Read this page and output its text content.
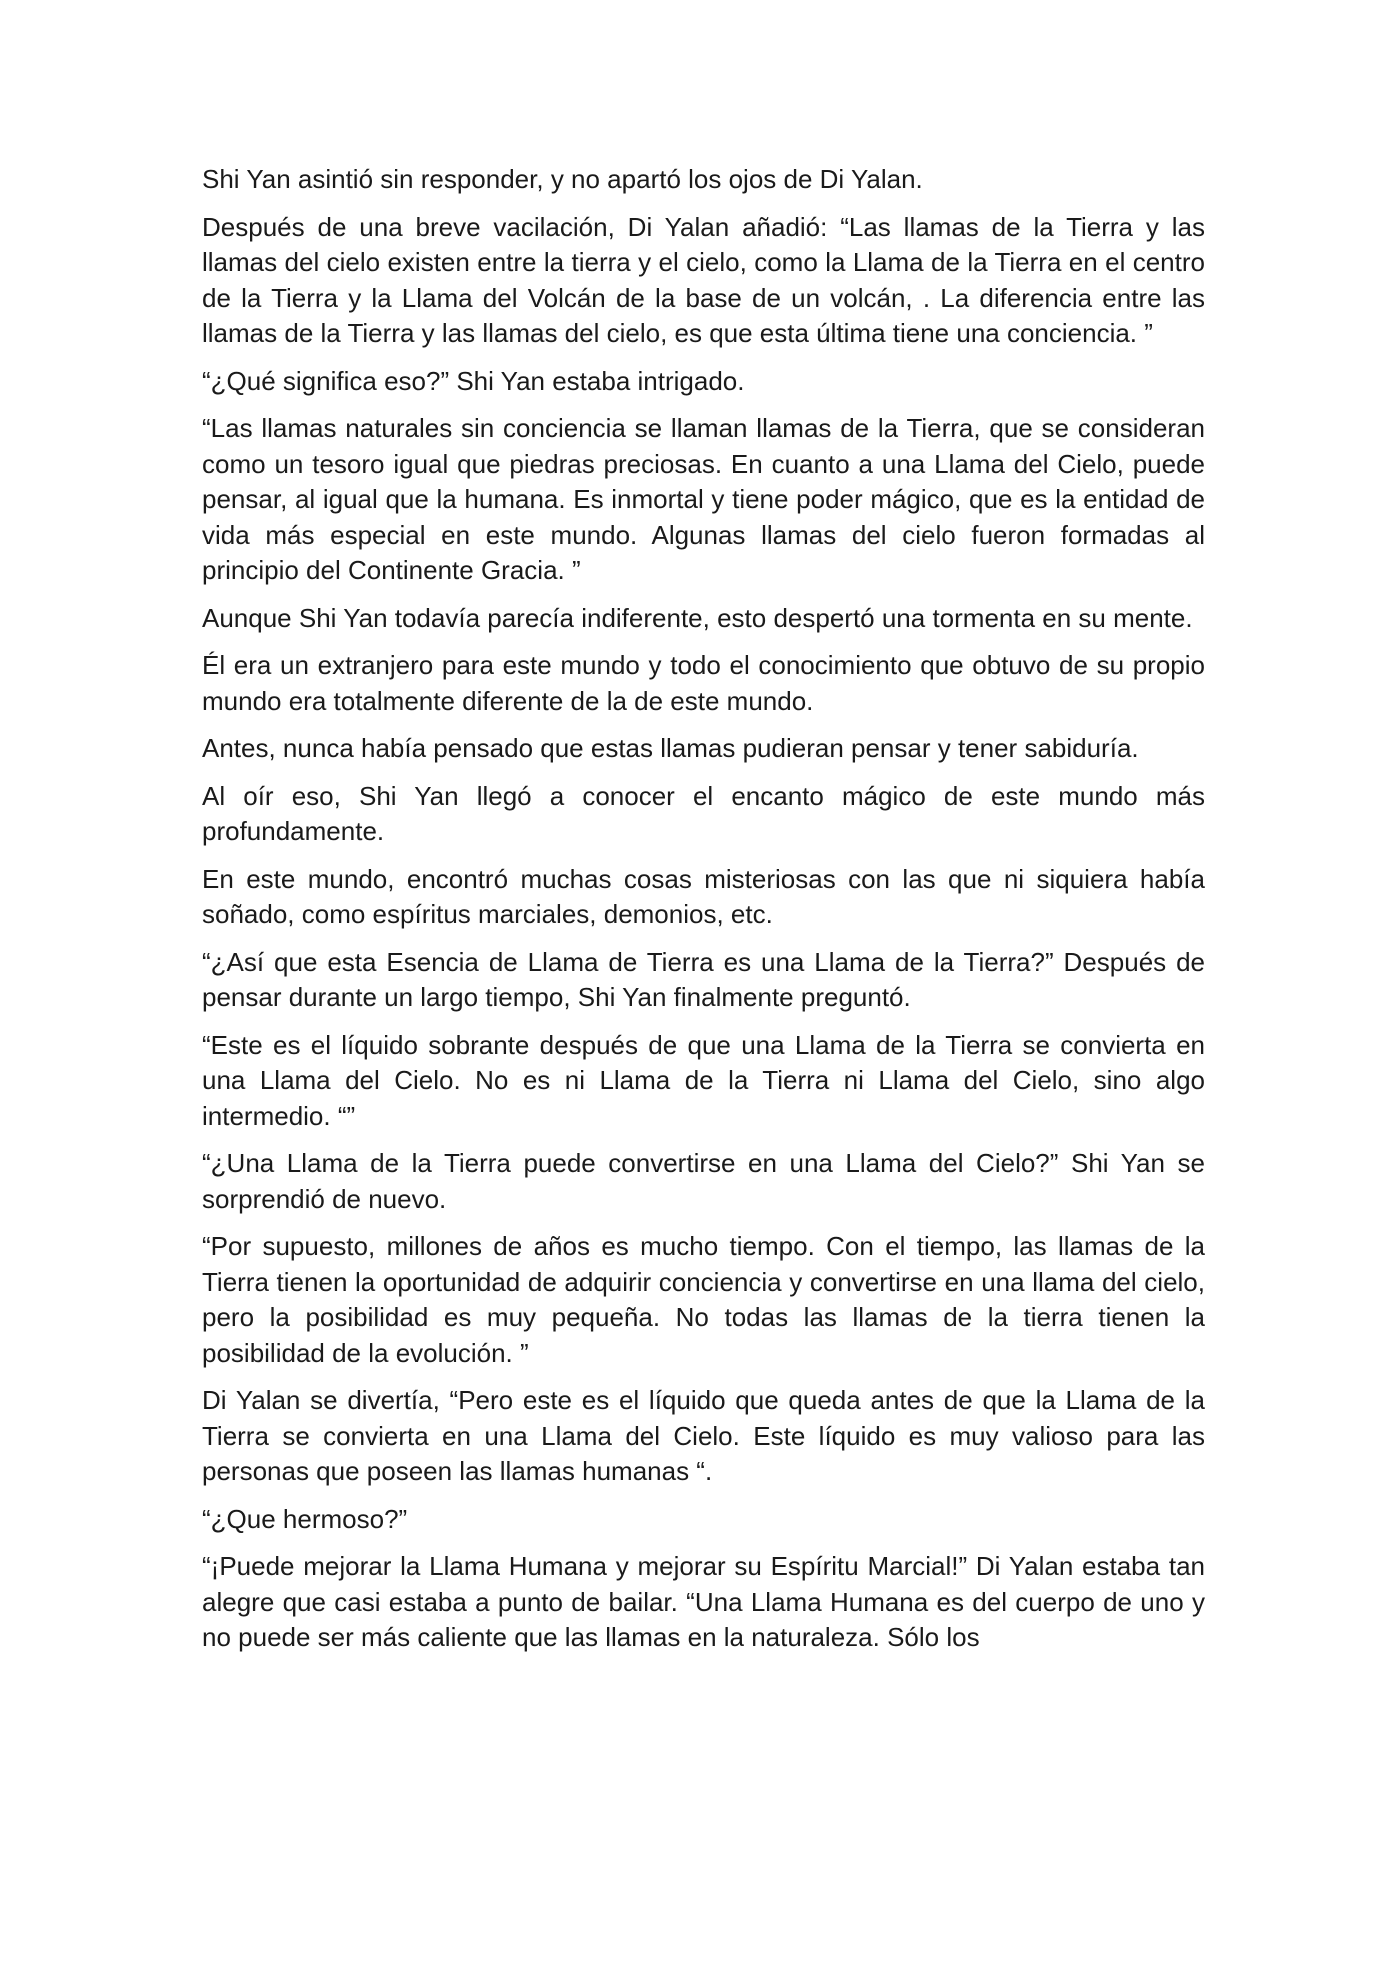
Shi Yan asintió sin responder, y no apartó los ojos de Di Yalan.

Después de una breve vacilación, Di Yalan añadió: “Las llamas de la Tierra y las llamas del cielo existen entre la tierra y el cielo, como la Llama de la Tierra en el centro de la Tierra y la Llama del Volcán de la base de un volcán, . La diferencia entre las llamas de la Tierra y las llamas del cielo, es que esta última tiene una conciencia. ”

“¿Qué significa eso?” Shi Yan estaba intrigado.

“Las llamas naturales sin conciencia se llaman llamas de la Tierra, que se consideran como un tesoro igual que piedras preciosas. En cuanto a una Llama del Cielo, puede pensar, al igual que la humana. Es inmortal y tiene poder mágico, que es la entidad de vida más especial en este mundo. Algunas llamas del cielo fueron formadas al principio del Continente Gracia. ”

Aunque Shi Yan todavía parecía indiferente, esto despertó una tormenta en su mente.

Él era un extranjero para este mundo y todo el conocimiento que obtuvo de su propio mundo era totalmente diferente de la de este mundo.

Antes, nunca había pensado que estas llamas pudieran pensar y tener sabiduría.

Al oír eso, Shi Yan llegó a conocer el encanto mágico de este mundo más profundamente.

En este mundo, encontró muchas cosas misteriosas con las que ni siquiera había soñado, como espíritus marciales, demonios, etc.

“¿Así que esta Esencia de Llama de Tierra es una Llama de la Tierra?” Después de pensar durante un largo tiempo, Shi Yan finalmente preguntó.

“Este es el líquido sobrante después de que una Llama de la Tierra se convierta en una Llama del Cielo. No es ni Llama de la Tierra ni Llama del Cielo, sino algo intermedio. “”

“¿Una Llama de la Tierra puede convertirse en una Llama del Cielo?” Shi Yan se sorprendió de nuevo.

“Por supuesto, millones de años es mucho tiempo. Con el tiempo, las llamas de la Tierra tienen la oportunidad de adquirir conciencia y convertirse en una llama del cielo, pero la posibilidad es muy pequeña. No todas las llamas de la tierra tienen la posibilidad de la evolución. ”

Di Yalan se divertía, “Pero este es el líquido que queda antes de que la Llama de la Tierra se convierta en una Llama del Cielo. Este líquido es muy valioso para las personas que poseen las llamas humanas “.

“¿Que hermoso?”

“¡Puede mejorar la Llama Humana y mejorar su Espíritu Marcial!” Di Yalan estaba tan alegre que casi estaba a punto de bailar. “Una Llama Humana es del cuerpo de uno y no puede ser más caliente que las llamas en la naturaleza. Sólo los
